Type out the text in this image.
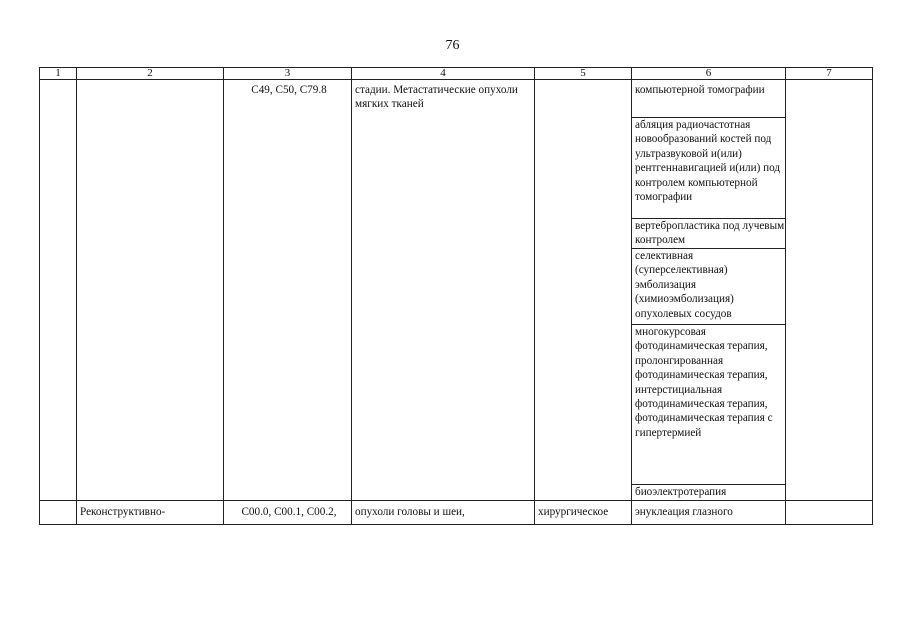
76
1	2	3	4	5	6	7
		C49, C50, C79.8	стадии. Метастатические опухоли мягких тканей		компьютерной томографии	
					абляция радиочастотная новообразований костей под ультразвуковой и(или) рентгеннавигацией и(или) под контролем компьютерной томографии	
					вертебропластика под лучевым контролем	
					селективная (суперселективная) эмболизация (химиоэмболизация) опухолевых сосудов	
					многокурсовая фотодинамическая терапия, пролонгированная фотодинамическая терапия, интерстициальная фотодинамическая терапия, фотодинамическая терапия с гипертермией	
					биоэлектротерапия	
	Реконструктивно-	C00.0, C00.1, C00.2,	опухоли головы и шеи,	хирургическое	энуклеация глазного	
